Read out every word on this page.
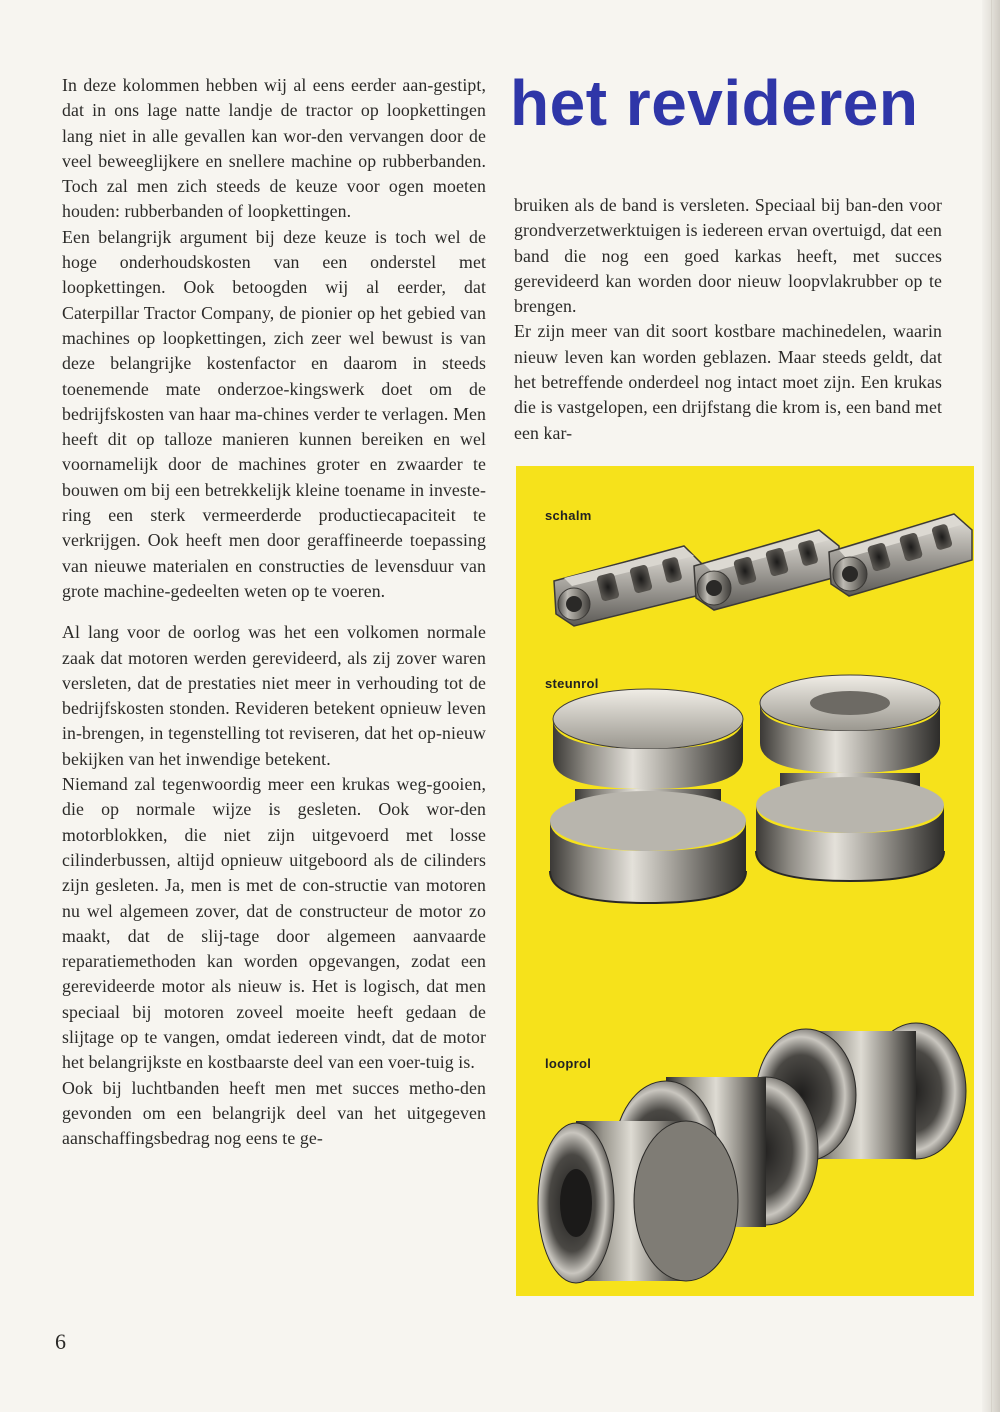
In deze kolommen hebben wij al eens eerder aan-gestipt, dat in ons lage natte landje de tractor op loopkettingen lang niet in alle gevallen kan wor-den vervangen door de veel beweeglijkere en snellere machine op rubberbanden. Toch zal men zich steeds de keuze voor ogen moeten houden: rubberbanden of loopkettingen.

Een belangrijk argument bij deze keuze is toch wel de hoge onderhoudskosten van een onderstel met loopkettingen. Ook betoogden wij al eerder, dat Caterpillar Tractor Company, de pionier op het gebied van machines op loopkettingen, zich zeer wel bewust is van deze belangrijke kostenfactor en daarom in steeds toenemende mate onderzoe-kingswerk doet om de bedrijfskosten van haar ma-chines verder te verlagen. Men heeft dit op talloze manieren kunnen bereiken en wel voornamelijk door de machines groter en zwaarder te bouwen om bij een betrekkelijk kleine toename in investe-ring een sterk vermeerderde productiecapaciteit te verkrijgen. Ook heeft men door geraffineerde toepassing van nieuwe materialen en constructies de levensduur van grote machine-gedeelten weten op te voeren.

Al lang voor de oorlog was het een volkomen normale zaak dat motoren werden gerevideerd, als zij zover waren versleten, dat de prestaties niet meer in verhouding tot de bedrijfskosten stonden. Revideren betekent opnieuw leven in-brengen, in tegenstelling tot reviseren, dat het op-nieuw bekijken van het inwendige betekent.

Niemand zal tegenwoordig meer een krukas weg-gooien, die op normale wijze is gesleten. Ook wor-den motorblokken, die niet zijn uitgevoerd met losse cilinderbussen, altijd opnieuw uitgeboord als de cilinders zijn gesleten. Ja, men is met de con-structie van motoren nu wel algemeen zover, dat de constructeur de motor zo maakt, dat de slij-tage door algemeen aanvaarde reparatiemethoden kan worden opgevangen, zodat een gerevideerde motor als nieuw is. Het is logisch, dat men speciaal bij motoren zoveel moeite heeft gedaan de slijtage op te vangen, omdat iedereen vindt, dat de motor het belangrijkste en kostbaarste deel van een voer-tuig is.

Ook bij luchtbanden heeft men met succes metho-den gevonden om een belangrijk deel van het uitgegeven aanschaffingsbedrag nog eens te ge-

het revideren

bruiken als de band is versleten. Speciaal bij ban-den voor grondverzetwerktuigen is iedereen ervan overtuigd, dat een band die nog een goed karkas heeft, met succes gerevideerd kan worden door nieuw loopvlakrubber op te brengen.

Er zijn meer van dit soort kostbare machinedelen, waarin nieuw leven kan worden geblazen. Maar steeds geldt, dat het betreffende onderdeel nog intact moet zijn. Een krukas die is vastgelopen, een drijfstang die krom is, een band met een kar-

schalm
steunrol
looprol
6
